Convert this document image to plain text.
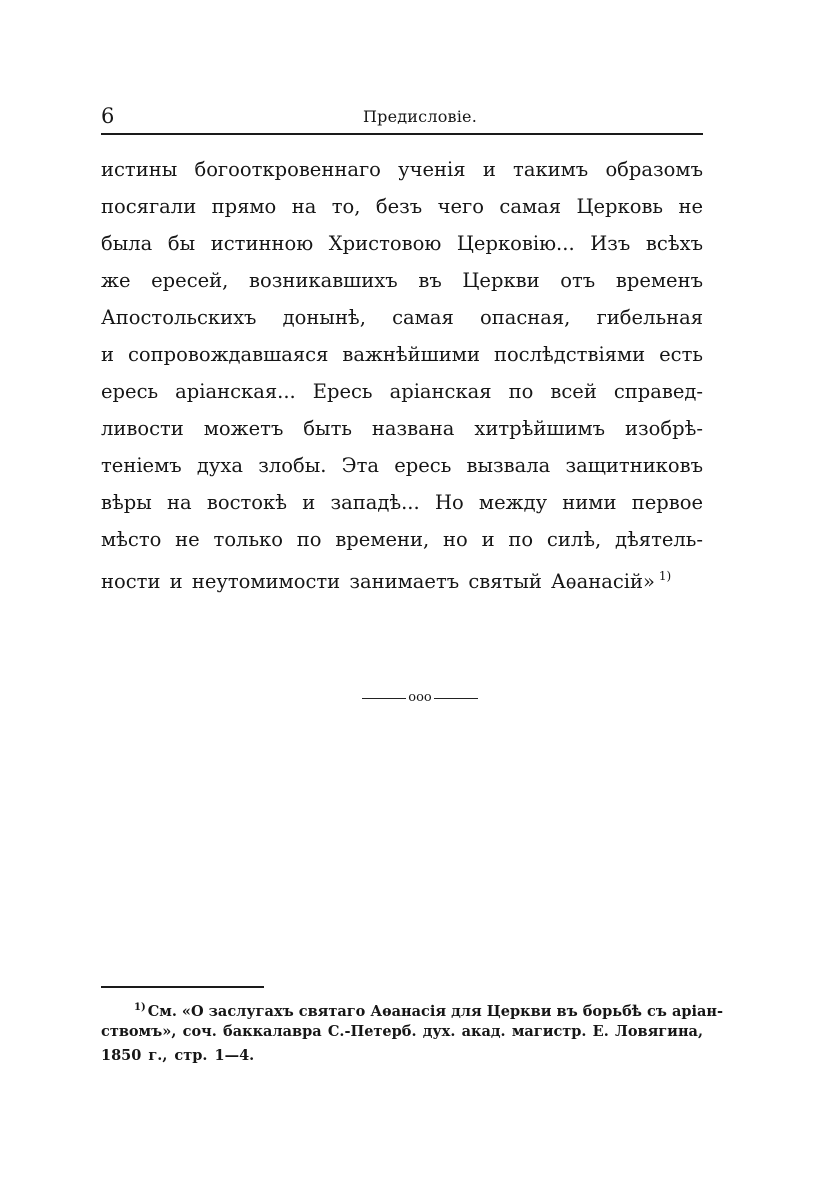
6	Предисловіе.
истины богооткровеннаго ученія и такимъ образомъ
посягали прямо на то, безъ чего самая Церковь не
была бы истинною Христовою Церковію... Изъ всѣхъ
же ересей, возникавшихъ въ Церкви отъ временъ
Апостольскихъ донынѣ, самая опасная, гибельная
и сопровождавшаяся важнѣйшими послѣдствіями есть
ересь аріанская... Ересь аріанская по всей справед-
ливости можетъ быть названа хитрѣйшимъ изобрѣ-
теніемъ духа злобы. Эта ересь вызвала защитниковъ
вѣры на востокѣ и западѣ... Но между ними первое
мѣсто не только по времени, но и по силѣ, дѣятель-
ности и неутомимости занимаетъ святый Аѳанасій» $^{1)}$
ooo
$^{1)}$ См. «О заслугахъ святаго Аѳанасія для Церкви въ борьбѣ съ аріан-
ствомъ», соч. баккалавра С.-Петерб. дух. акад. магистр. Е. Ловягина,
1850 г., стр. 1—4.
